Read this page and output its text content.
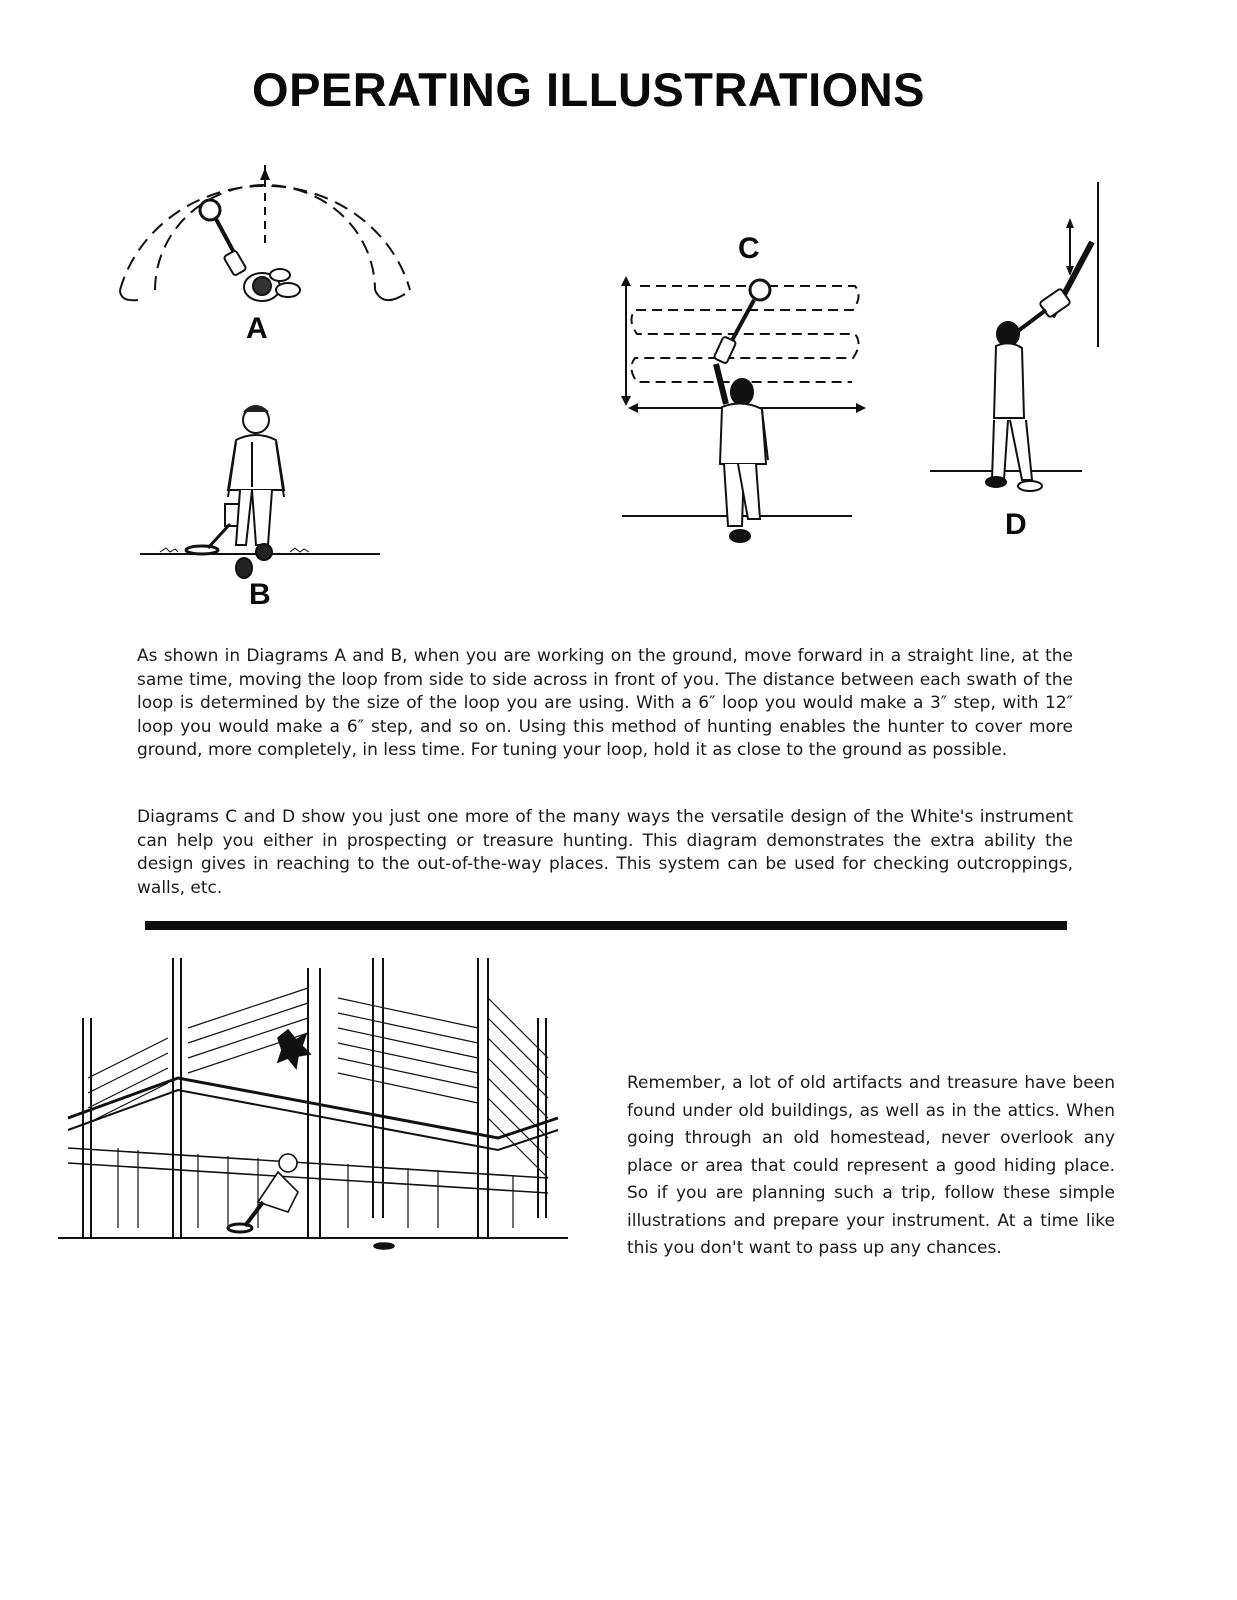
OPERATING ILLUSTRATIONS
A
B
C
D
As shown in Diagrams A and B, when you are working on the ground, move forward in a straight line, at the same time, moving the loop from side to side across in front of you. The distance between each swath of the loop is determined by the size of the loop you are using. With a 6″ loop you would make a 3″ step, with 12″ loop you would make a 6″ step, and so on. Using this method of hunting enables the hunter to cover more ground, more completely, in less time. For tuning your loop, hold it as close to the ground as possible.
Diagrams C and D show you just one more of the many ways the versatile design of the White's instrument can help you either in prospecting or treasure hunting. This diagram demonstrates the extra ability the design gives in reaching to the out-of-the-way places. This system can be used for checking outcroppings, walls, etc.
Remember, a lot of old artifacts and treasure have been found under old buildings, as well as in the attics. When going through an old homestead, never overlook any place or area that could represent a good hiding place. So if you are planning such a trip, follow these simple illustrations and prepare your instrument. At a time like this you don't want to pass up any chances.
